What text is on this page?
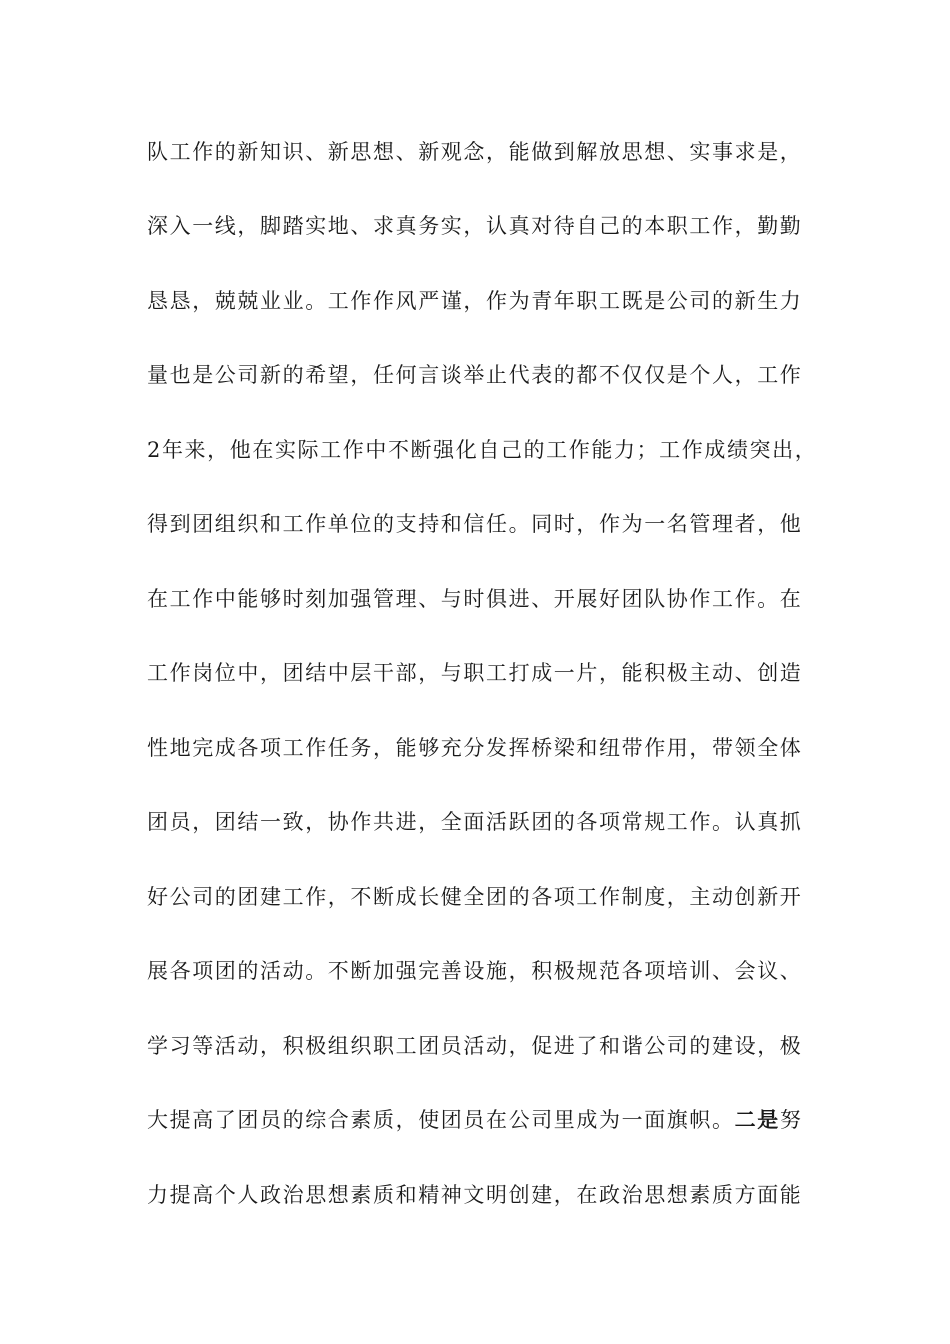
队工作的新知识、新思想、新观念，能做到解放思想、实事求是，
深入一线，脚踏实地、求真务实，认真对待自己的本职工作，勤勤
恳恳，兢兢业业。工作作风严谨，作为青年职工既是公司的新生力
量也是公司新的希望，任何言谈举止代表的都不仅仅是个人，工作
2年来，他在实际工作中不断强化自己的工作能力；工作成绩突出，
得到团组织和工作单位的支持和信任。同时，作为一名管理者，他
在工作中能够时刻加强管理、与时俱进、开展好团队协作工作。在
工作岗位中，团结中层干部，与职工打成一片，能积极主动、创造
性地完成各项工作任务，能够充分发挥桥梁和纽带作用，带领全体
团员，团结一致，协作共进，全面活跃团的各项常规工作。认真抓
好公司的团建工作，不断成长健全团的各项工作制度，主动创新开
展各项团的活动。不断加强完善设施，积极规范各项培训、会议、
学习等活动，积极组织职工团员活动，促进了和谐公司的建设，极
大提高了团员的综合素质，使团员在公司里成为一面旗帜。二是努
力提高个人政治思想素质和精神文明创建，在政治思想素质方面能
